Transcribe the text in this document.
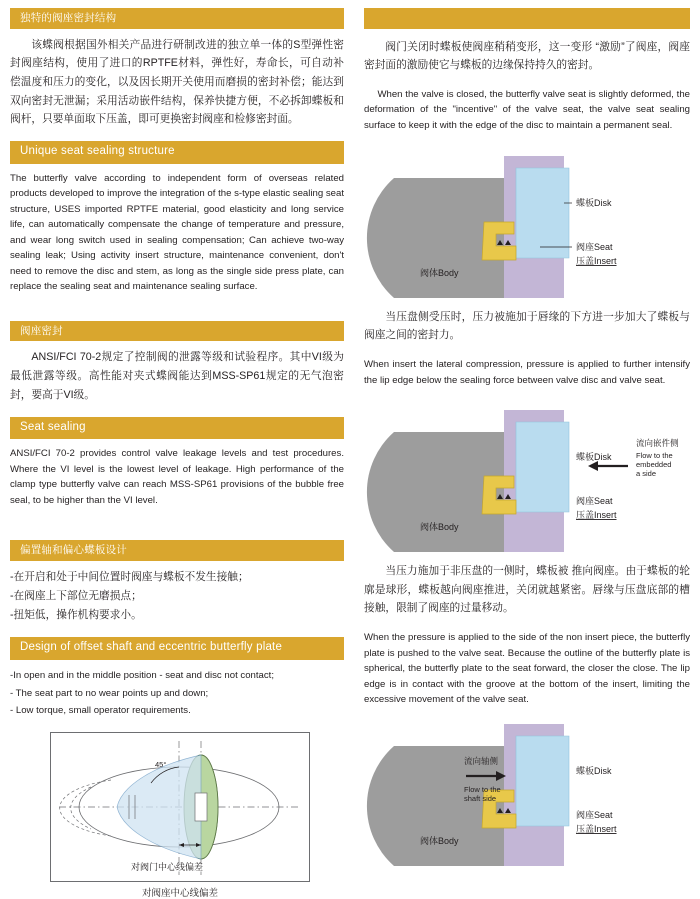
独特的阀座密封结构

该蝶阀根据国外相关产品进行研制改进的独立单一体的S型弹性密封阀座结构，使用了进口的RPTFE材料，弹性好，寿命长，可自动补偿温度和压力的变化，以及因长期开关使用而磨损的密封补偿；能达到双向密封无泄漏；采用活动嵌件结构，保养快捷方便，不必拆卸蝶板和阀杆，只要单面取下压盖，即可更换密封阀座和检修密封面。

Unique seat sealing structure

The butterfly valve according to independent form of overseas related products developed to improve the integration of the s-type elastic sealing seat structure, USES imported RPTFE material, good elasticity and long service life, can automatically compensate the change of temperature and pressure, and wear long switch used in sealing compensation; Can achieve two-way sealing leak; Using activity insert structure, maintenance convenient, don't need to remove the disc and stem, as long as the single side press plate, can replace the sealing seat and maintenance sealing surface.

阀座密封

ANSI/FCI 70-2规定了控制阀的泄露等级和试验程序。其中VI级为最低泄露等级。高性能对夹式蝶阀能达到MSS-SP61规定的无气泡密封，要高于VI级。

Seat sealing

ANSI/FCI 70-2 provides control valve leakage levels and test procedures. Where the VI level is the lowest level of leakage. High performance of the clamp type butterfly valve can reach MSS-SP61 provisions of the bubble free seal, to be higher than the VI level.

偏置轴和偏心蝶板设计
-在开启和处于中间位置时阀座与蝶板不发生接触；
-在阀座上下部位无磨损点；
-扭矩低，操作机构要求小。
Design of offset shaft and eccentric butterfly plate
-In open and in the middle position - seat and disc not contact;
- The seat part to no wear points up and down;
- Low torque, small operator requirements.
45°
对阀门中心线偏差
对阀座中心线偏差

阀门关闭时蝶板使阀座稍稍变形，这一变形 “激励”了阀座，阀座密封面的激励使它与蝶板的边缘保持持久的密封。

When the valve is closed, the butterfly valve seat is slightly deformed, the deformation of the "incentive" of the valve seat, the valve seat sealing surface to keep it with the edge of the disc to maintain a permanent seal.

蝶板Disk
阀座Seat
压盖Insert
阀体Body

当压盘侧受压时，压力被施加于唇缘的下方进一步加大了蝶板与阀座之间的密封力。

When insert the lateral compression, pressure is applied to further intensify the lip edge below the sealing force between valve disc and valve seat.

蝶板Disk
阀座Seat
压盖Insert
阀体Body
流向嵌件侧
Flow to the
embedded
a side

当压力施加于非压盘的一侧时，蝶板被 推向阀座。由于蝶板的轮廓是球形，蝶板越向阀座推进，关闭就越紧密。唇缘与压盘底部的槽接触，限制了阀座的过量移动。

When the pressure is applied to the side of the non insert piece, the butterfly plate is pushed to the valve seat. Because the outline of the butterfly plate is spherical, the butterfly plate to the seat forward, the closer the close. The lip edge is in contact with the groove at the bottom of the insert, limiting the excessive movement of the valve seat.

蝶板Disk
阀座Seat
压盖Insert
阀体Body
流向轴侧
Flow to the
shaft side
